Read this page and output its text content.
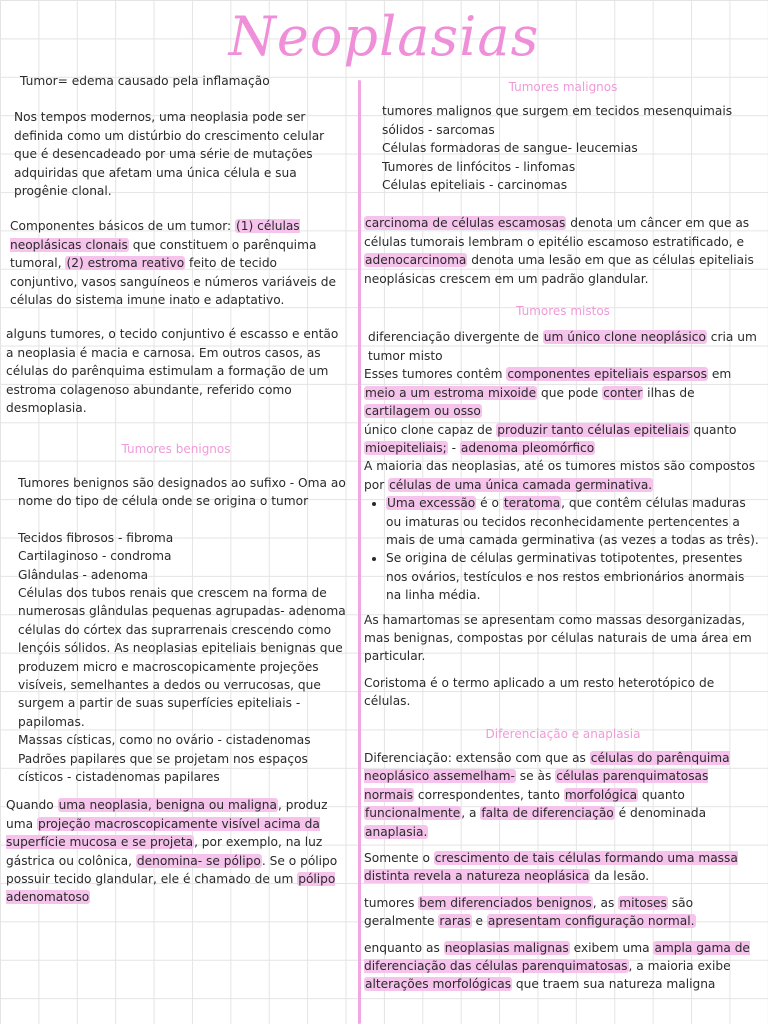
Neoplasias

Tumor= edema causado pela inflamação

Nos tempos modernos, uma neoplasia pode ser definida como um distúrbio do crescimento celular que é desencadeado por uma série de mutações adquiridas que afetam uma única célula e sua progênie clonal.

Componentes básicos de um tumor: (1) células neoplásicas clonais que constituem o parênquima tumoral, (2) estroma reativo feito de tecido conjuntivo, vasos sanguíneos e números variáveis de células do sistema imune inato e adaptativo.

alguns tumores, o tecido conjuntivo é escasso e então a neoplasia é macia e carnosa. Em outros casos, as células do parênquima estimulam a formação de um estroma colagenoso abundante, referido como desmoplasia.

Tumores benignos

Tumores benignos são designados ao sufixo - Oma ao nome do tipo de célula onde se origina o tumor

Tecidos fibrosos - fibroma

Cartilaginoso - condroma

Glândulas - adenoma

Células dos tubos renais que crescem na forma de numerosas glândulas pequenas agrupadas- adenoma

células do córtex das suprarrenais crescendo como lençóis sólidos. As neoplasias epiteliais benignas que produzem micro e macroscopicamente projeções visíveis, semelhantes a dedos ou verrucosas, que surgem a partir de suas superfícies epiteliais - papilomas.

Massas císticas, como no ovário - cistadenomas

Padrões papilares que se projetam nos espaços císticos - cistadenomas papilares

Quando uma neoplasia, benigna ou maligna, produz uma projeção macroscopicamente visível acima da superfície mucosa e se projeta, por exemplo, na luz gástrica ou colônica, denomina- se pólipo. Se o pólipo possuir tecido glandular, ele é chamado de um pólipo adenomatoso

Tumores malignos

tumores malignos que surgem em tecidos mesenquimais sólidos - sarcomas

Células formadoras de sangue- leucemias

Tumores de linfócitos - linfomas

Células epiteliais - carcinomas

carcinoma de células escamosas denota um câncer em que as células tumorais lembram o epitélio escamoso estratificado, e adenocarcinoma denota uma lesão em que as células epiteliais neoplásicas crescem em um padrão glandular.

Tumores mistos

diferenciação divergente de um único clone neoplásico cria um tumor misto

Esses tumores contêm componentes epiteliais esparsos em meio a um estroma mixoide que pode conter ilhas de cartilagem ou osso

único clone capaz de produzir tanto células epiteliais quanto mioepiteliais; - adenoma pleomórfico

A maioria das neoplasias, até os tumores mistos são compostos por células de uma única camada germinativa.

• Uma excessão é o teratoma, que contêm células maduras ou imaturas ou tecidos reconhecidamente pertencentes a mais de uma camada germinativa (as vezes a todas as três).
• Se origina de células germinativas totipotentes, presentes nos ovários, testículos e nos restos embrionários anormais na linha média.

As hamartomas se apresentam como massas desorganizadas, mas benignas, compostas por células naturais de uma área em particular.

Coristoma é o termo aplicado a um resto heterotópico de células.

Diferenciação e anaplasia

Diferenciação: extensão com que as células do parênquima neoplásico assemelham- se às células parenquimatosas normais correspondentes, tanto morfológica quanto funcionalmente, a falta de diferenciação é denominada anaplasia.

Somente o crescimento de tais células formando uma massa distinta revela a natureza neoplásica da lesão.

tumores bem diferenciados benignos, as mitoses são geralmente raras e apresentam configuração normal.

enquanto as neoplasias malignas exibem uma ampla gama de diferenciação das células parenquimatosas, a maioria exibe alterações morfológicas que traem sua natureza maligna
